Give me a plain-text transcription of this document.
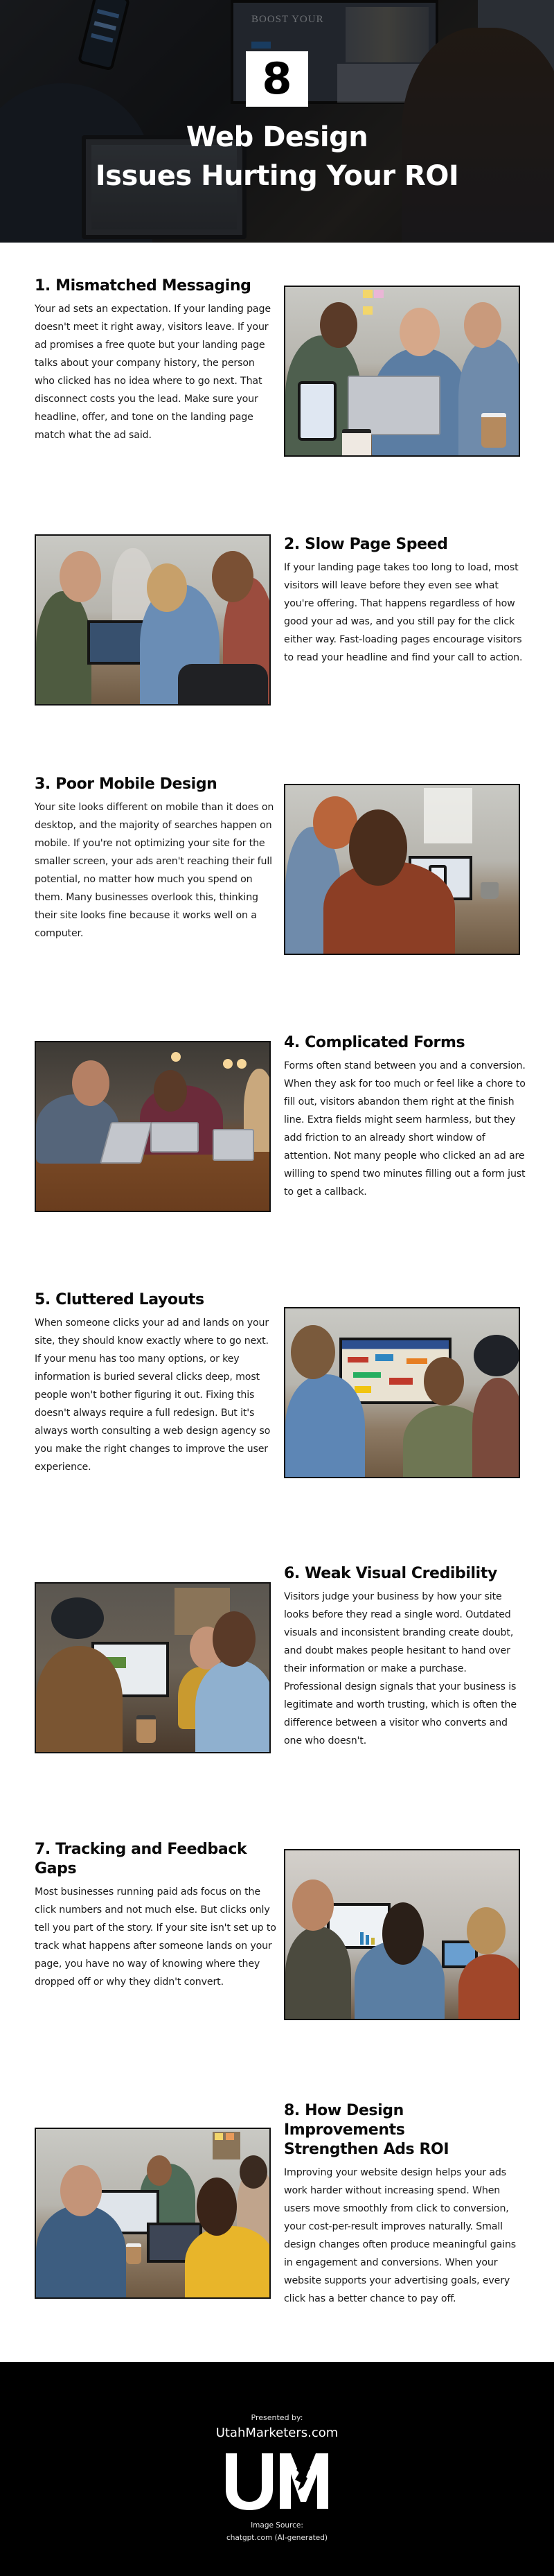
BOOST YOUR
8
Web Design
Issues Hurting Your ROI
1. Mismatched Messaging

Your ad sets an expectation. If your landing page doesn't meet it right away, visitors leave. If your ad promises a free quote but your landing page talks about your company history, the person who clicked has no idea where to go next. That disconnect costs you the lead. Make sure your headline, offer, and tone on the landing page match what the ad said.

2. Slow Page Speed

If your landing page takes too long to load, most visitors will leave before they even see what you're offering. That happens regardless of how good your ad was, and you still pay for the click either way. Fast-loading pages encourage visitors to read your headline and find your call to action.

3. Poor Mobile Design

Your site looks different on mobile than it does on desktop, and the majority of searches happen on mobile. If you're not optimizing your site for the smaller screen, your ads aren't reaching their full potential, no matter how much you spend on them. Many businesses overlook this, thinking their site looks fine because it works well on a computer.

4. Complicated Forms

Forms often stand between you and a conversion. When they ask for too much or feel like a chore to fill out, visitors abandon them right at the finish line. Extra fields might seem harmless, but they add friction to an already short window of attention. Not many people who clicked an ad are willing to spend two minutes filling out a form just to get a callback.

5. Cluttered Layouts

When someone clicks your ad and lands on your site, they should know exactly where to go next. If your menu has too many options, or key information is buried several clicks deep, most people won't bother figuring it out. Fixing this doesn't always require a full redesign. But it's always worth consulting a web design agency so you make the right changes to improve the user experience.

6. Weak Visual Credibility

Visitors judge your business by how your site looks before they read a single word. Outdated visuals and inconsistent branding create doubt, and doubt makes people hesitant to hand over their information or make a purchase. Professional design signals that your business is legitimate and worth trusting, which is often the difference between a visitor who converts and one who doesn't.

7. Tracking and Feedback Gaps

Most businesses running paid ads focus on the click numbers and not much else. But clicks only tell you part of the story. If your site isn't set up to track what happens after someone lands on your page, you have no way of knowing where they dropped off or why they didn't convert.

8. How Design Improvements Strengthen Ads ROI

Improving your website design helps your ads work harder without increasing spend. When users move smoothly from click to conversion, your cost-per-result improves naturally. Small design changes often produce meaningful gains in engagement and conversions. When your website supports your advertising goals, every click has a better chance to pay off.

Presented by:
UtahMarketers.com
Image Source:
chatgpt.com (AI-generated)
